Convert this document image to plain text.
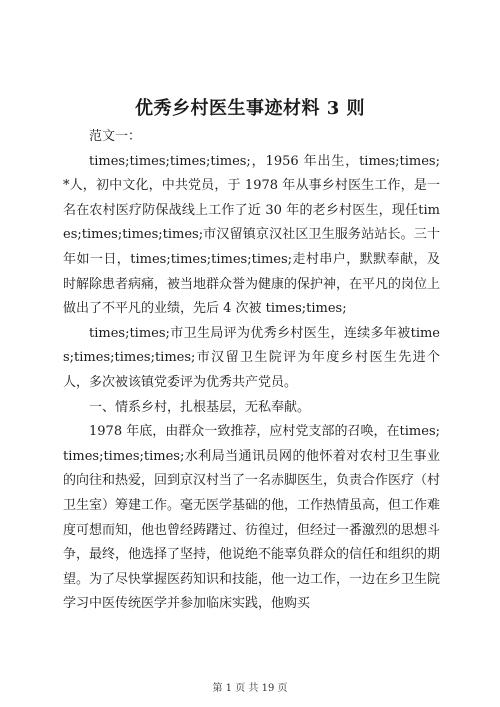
优秀乡村医生事迹材料 3 则

范文一：

times;times;times;times;，1956 年出生，times;times;*人，初中文化，中共党员，于 1978 年从事乡村医生工作，是一名在农村医疗防保战线上工作了近 30 年的老乡村医生，现任times;times;times;times;市汉留镇京汉社区卫生服务站站长。三十年如一日，times;times;times;times;走村串户，默默奉献，及时解除患者病痛，被当地群众誉为健康的保护神，在平凡的岗位上做出了不平凡的业绩，先后 4 次被 times;times;

times;times;市卫生局评为优秀乡村医生，连续多年被times;times;times;times;市汉留卫生院评为年度乡村医生先进个人，多次被该镇党委评为优秀共产党员。

一、情系乡村，扎根基层，无私奉献。

1978 年底，由群众一致推荐，应村党支部的召唤，在times;times;times;times;水利局当通讯员网的他怀着对农村卫生事业的向往和热爱，回到京汉村当了一名赤脚医生，负责合作医疗（村卫生室）筹建工作。毫无医学基础的他，工作热情虽高，但工作难度可想而知，他也曾经踌躇过、彷徨过，但经过一番激烈的思想斗争，最终，他选择了坚持，他说绝不能辜负群众的信任和组织的期望。为了尽快掌握医药知识和技能，他一边工作，一边在乡卫生院学习中医传统医学并参加临床实践，他购买

第 1 页 共 19 页
